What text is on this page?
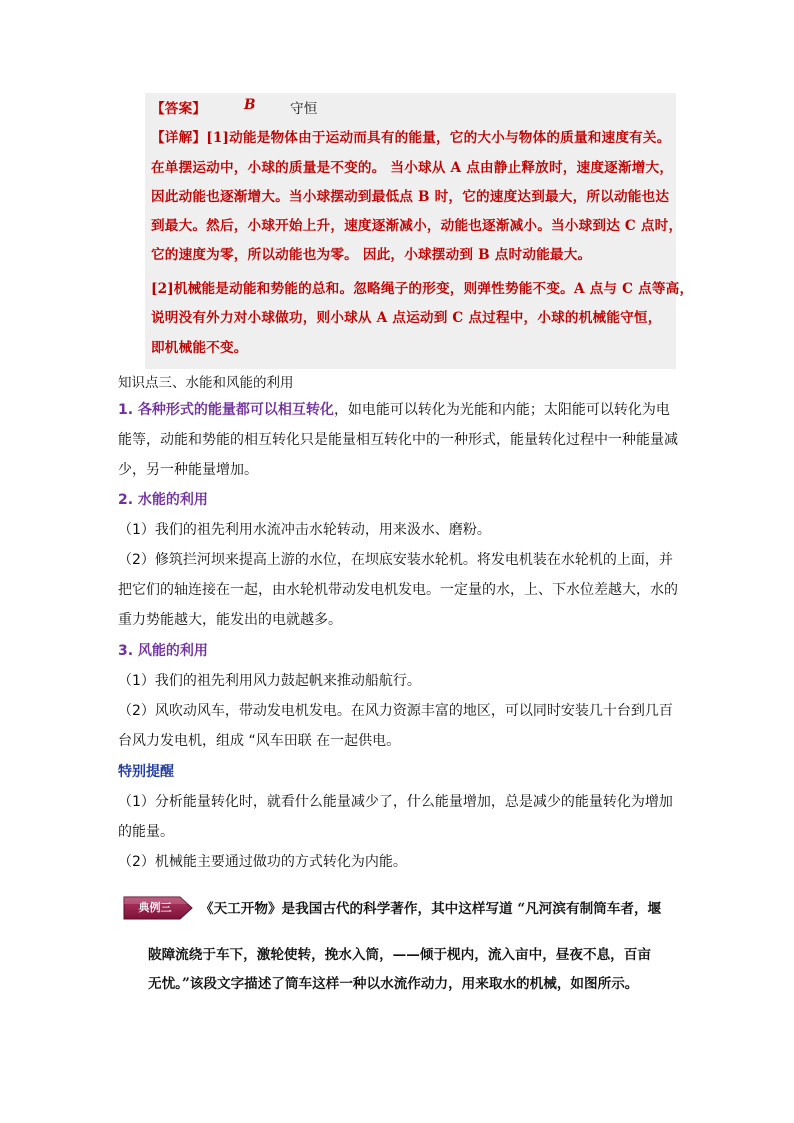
【答案】	B	守恒
【详解】[1]动能是物体由于运动而具有的能量，它的大小与物体的质量和速度有关。
在单摆运动中，小球的质量是不变的。 当小球从 A 点由静止释放时，速度逐渐增大，
因此动能也逐渐增大。当小球摆动到最低点 B 时，它的速度达到最大，所以动能也达
到最大。然后，小球开始上升，速度逐渐减小，动能也逐渐减小。当小球到达 C 点时，
它的速度为零，所以动能也为零。 因此，小球摆动到 B 点时动能最大。
[2]机械能是动能和势能的总和。忽略绳子的形变，则弹性势能不变。A 点与 C 点等高，
说明没有外力对小球做功，则小球从 A 点运动到 C 点过程中，小球的机械能守恒，
即机械能不变。
知识点三、水能和风能的利用
1. 各种形式的能量都可以相互转化，如电能可以转化为光能和内能；太阳能可以转化为电
能等，动能和势能的相互转化只是能量相互转化中的一种形式，能量转化过程中一种能量减
少，另一种能量增加。
2. 水能的利用
（1）我们的祖先利用水流冲击水轮转动，用来汲水、磨粉。
（2）修筑拦河坝来提高上游的水位，在坝底安装水轮机。将发电机装在水轮机的上面，并
把它们的轴连接在一起，由水轮机带动发电机发电。一定量的水，上、下水位差越大，水的
重力势能越大，能发出的电就越多。
3. 风能的利用
（1）我们的祖先利用风力鼓起帆来推动船航行。
（2）风吹动风车，带动发电机发电。在风力资源丰富的地区，可以同时安装几十台到几百
台风力发电机，组成 “风车田联 在一起供电。
特别提醒
（1）分析能量转化时，就看什么能量减少了，什么能量增加，总是减少的能量转化为增加
的能量。
（2）机械能主要通过做功的方式转化为内能。
典例三	《天工开物》是我国古代的科学著作，其中这样写道 “凡河滨有制筒车者，堰
陂障流绕于车下，激轮使转，挽水入筒，——倾于枧内，流入亩中，昼夜不息，百亩
无忧。”该段文字描述了筒车这样一种以水流作动力，用来取水的机械，如图所示。
